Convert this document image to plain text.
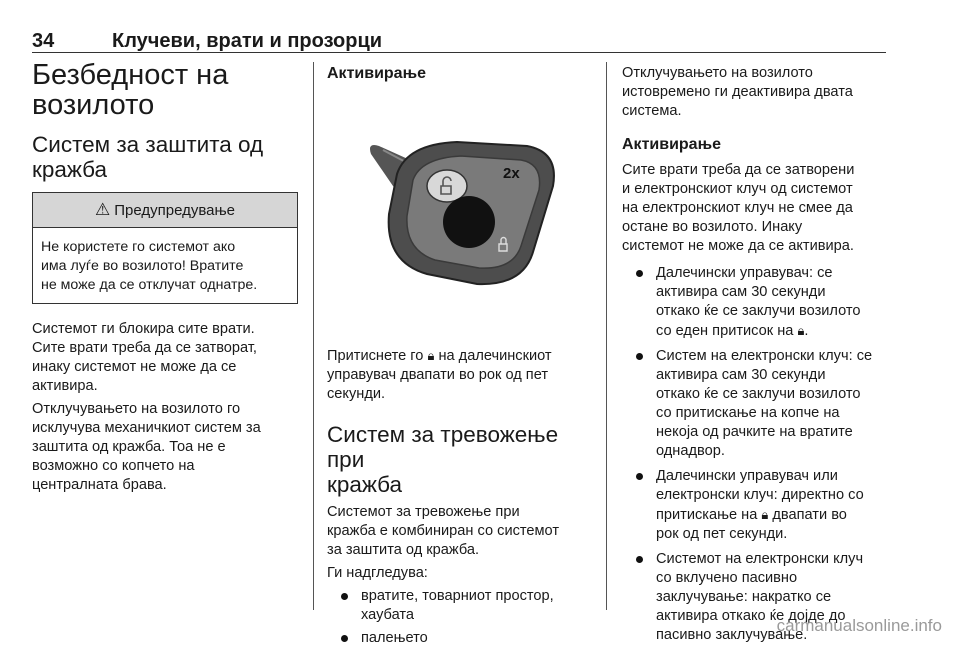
34	Клучеви, врати и прозорци
Безбедност на
возилото
Систем за заштита од
кражба
⚠ Предупредување
Не користете го системот ако
има луѓе во возилото! Вратите
не може да се отклучат однатре.

Системот ги блокира сите врати.
Сите врати треба да се затворат,
инаку системот не може да се
активира.

Отклучувањето на возилото го
исклучува механичкиот систем за
заштита од кражба. Тоа не е
возможно со копчето на
централната брава.

Активирање
2x

Притиснете го 🔒︎ на далечинскиот
управувач двапати во рок од пет
секунди.

Систем за тревожење при
кражба

Системот за тревожење при
кражба е комбиниран со системот
за заштита од кражба.

Ги надгледува:

вратите, товарниот простор,
хаубата
палењето

Отклучувањето на возилото
истовремено ги деактивира двата
системa.

Активирање

Сите врати треба да се затворени
и електронскиот клуч од системот
на електронскиот клуч не смее да
остане во возилото. Инаку
системот не може да се активира.

Далечински управувач: се
активира сам 30 секунди
откако ќе се заклучи возилото
со еден притисок на 🔒︎.
Систем на електронски клуч: се
активира сам 30 секунди
откако ќе се заклучи возилото
со притискање на копче на
некоја од рачките на вратите
однадвор.
Далечински управувач или
електронски клуч: директно со
притискање на 🔒︎ двапати во
рок од пет секунди.
Системот на електронски клуч
со вклучено пасивно
заклучување: накратко се
активира откако ќе дојде до
пасивно заклучување.
carmanualsonline.info
